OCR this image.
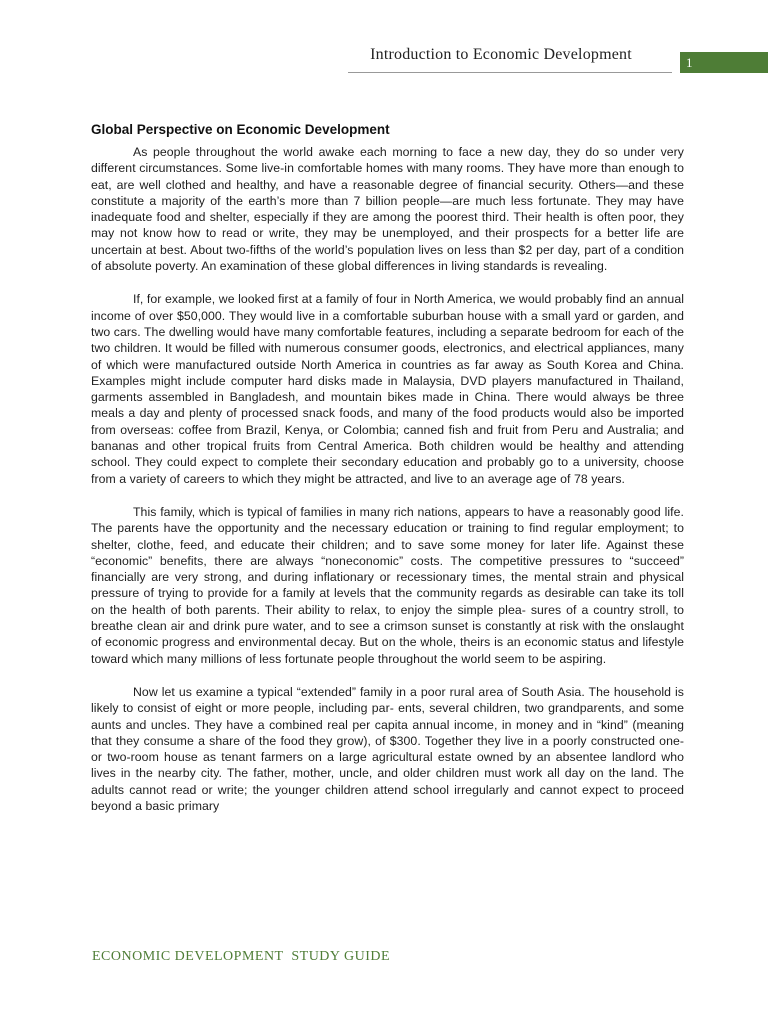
Introduction to Economic Development	1
Global Perspective on Economic Development

As people throughout the world awake each morning to face a new day, they do so under very different circumstances. Some live-in comfortable homes with many rooms. They have more than enough to eat, are well clothed and healthy, and have a reasonable degree of financial security. Others—and these constitute a majority of the earth’s more than 7 billion people—are much less fortunate. They may have inadequate food and shelter, especially if they are among the poorest third. Their health is often poor, they may not know how to read or write, they may be unemployed, and their prospects for a better life are uncertain at best. About two-fifths of the world’s population lives on less than $2 per day, part of a condition of absolute poverty. An examination of these global differences in living standards is revealing.

If, for example, we looked first at a family of four in North America, we would probably find an annual income of over $50,000. They would live in a comfortable suburban house with a small yard or garden, and two cars. The dwelling would have many comfortable features, including a separate bedroom for each of the two children. It would be filled with numerous consumer goods, electronics, and electrical appliances, many of which were manufactured outside North America in countries as far away as South Korea and China. Examples might include computer hard disks made in Malaysia, DVD players manufactured in Thailand, garments assembled in Bangladesh, and mountain bikes made in China. There would always be three meals a day and plenty of processed snack foods, and many of the food products would also be imported from overseas: coffee from Brazil, Kenya, or Colombia; canned fish and fruit from Peru and Australia; and bananas and other tropical fruits from Central America. Both children would be healthy and attending school. They could expect to complete their secondary education and probably go to a university, choose from a variety of careers to which they might be attracted, and live to an average age of 78 years.

This family, which is typical of families in many rich nations, appears to have a reasonably good life. The parents have the opportunity and the necessary education or training to find regular employment; to shelter, clothe, feed, and educate their children; and to save some money for later life. Against these “economic” benefits, there are always “noneconomic” costs. The competitive pressures to “succeed” financially are very strong, and during inflationary or recessionary times, the mental strain and physical pressure of trying to provide for a family at levels that the community regards as desirable can take its toll on the health of both parents. Their ability to relax, to enjoy the simple plea- sures of a country stroll, to breathe clean air and drink pure water, and to see a crimson sunset is constantly at risk with the onslaught of economic progress and environmental decay. But on the whole, theirs is an economic status and lifestyle toward which many millions of less fortunate people throughout the world seem to be aspiring.

Now let us examine a typical “extended” family in a poor rural area of South Asia. The household is likely to consist of eight or more people, including par- ents, several children, two grandparents, and some aunts and uncles. They have a combined real per capita annual income, in money and in “kind” (meaning that they consume a share of the food they grow), of $300. Together they live in a poorly constructed one- or two-room house as tenant farmers on a large agricultural estate owned by an absentee landlord who lives in the nearby city. The father, mother, uncle, and older children must work all day on the land. The adults cannot read or write; the younger children attend school irregularly and cannot expect to proceed beyond a basic primary

ECONOMIC DEVELOPMENT  STUDY GUIDE
